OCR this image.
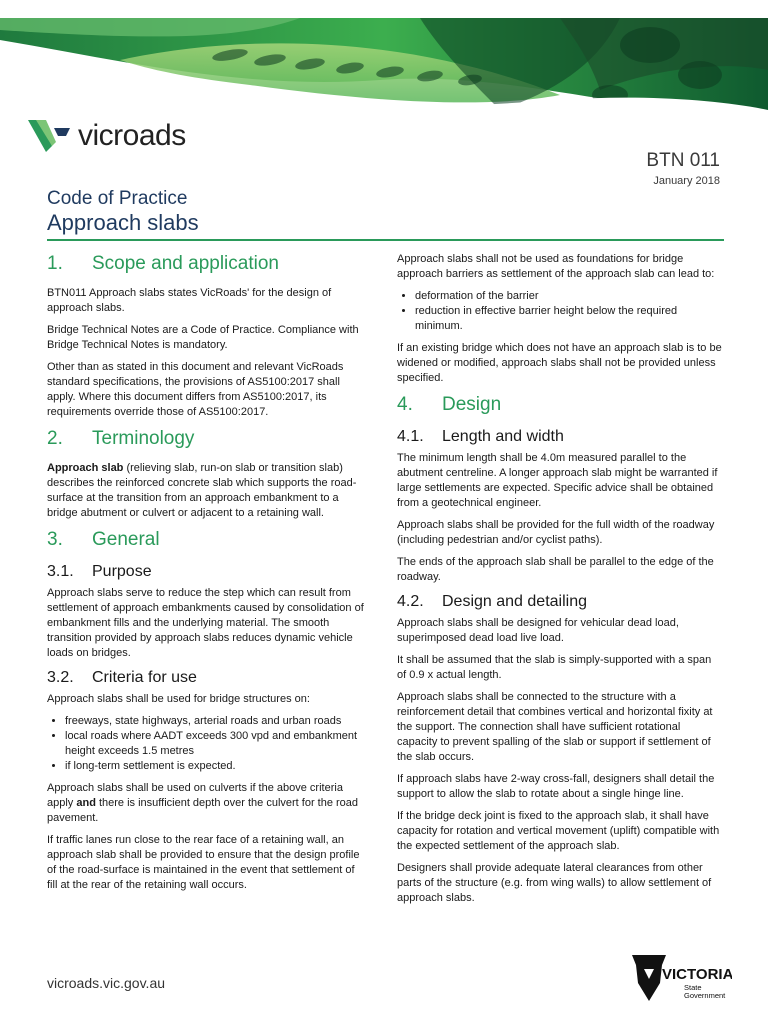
vicroads
BTN 011
January 2018
Code of Practice
Approach slabs
1.	Scope and application

BTN011 Approach slabs states VicRoads' for the design of approach slabs.

Bridge Technical Notes are a Code of Practice. Compliance with Bridge Technical Notes is mandatory.

Other than as stated in this document and relevant VicRoads standard specifications, the provisions of AS5100:2017 shall apply. Where this document differs from AS5100:2017, its requirements override those of AS5100:2017.

2.	Terminology

Approach slab (relieving slab, run-on slab or transition slab) describes the reinforced concrete slab which supports the road-surface at the transition from an approach embankment to a bridge abutment or culvert or adjacent to a retaining wall.

3.	General
3.1.	Purpose

Approach slabs serve to reduce the step which can result from settlement of approach embankments caused by consolidation of embankment fills and the underlying material. The smooth transition provided by approach slabs reduces dynamic vehicle loads on bridges.

3.2.	Criteria for use

Approach slabs shall be used for bridge structures on:

• freeways, state highways, arterial roads and urban roads
• local roads where AADT exceeds 300 vpd and embankment height exceeds 1.5 metres
• if long-term settlement is expected.

Approach slabs shall be used on culverts if the above criteria apply and there is insufficient depth over the culvert for the road pavement.

If traffic lanes run close to the rear face of a retaining wall, an approach slab shall be provided to ensure that the design profile of the road-surface is maintained in the event that settlement of fill at the rear of the retaining wall occurs.

Approach slabs shall not be used as foundations for bridge approach barriers as settlement of the approach slab can lead to:

• deformation of the barrier
• reduction in effective barrier height below the required minimum.

If an existing bridge which does not have an approach slab is to be widened or modified, approach slabs shall not be provided unless specified.

4.	Design
4.1.	Length and width

The minimum length shall be 4.0m measured parallel to the abutment centreline. A longer approach slab might be warranted if large settlements are expected. Specific advice shall be obtained from a geotechnical engineer.

Approach slabs shall be provided for the full width of the roadway (including pedestrian and/or cyclist paths).

The ends of the approach slab shall be parallel to the edge of the roadway.

4.2.	Design and detailing

Approach slabs shall be designed for vehicular dead load, superimposed dead load live load.

It shall be assumed that the slab is simply-supported with a span of 0.9 x actual length.

Approach slabs shall be connected to the structure with a reinforcement detail that combines vertical and horizontal fixity at the support. The connection shall have sufficient rotational capacity to prevent spalling of the slab or support if settlement of the slab occurs.

If approach slabs have 2-way cross-fall, designers shall detail the support to allow the slab to rotate about a single hinge line.

If the bridge deck joint is fixed to the approach slab, it shall have capacity for rotation and vertical movement (uplift) compatible with the expected settlement of the approach slab.

Designers shall provide adequate lateral clearances from other parts of the structure (e.g. from wing walls) to allow settlement of approach slabs.

vicroads.vic.gov.au	VICTORIA
State
Government
